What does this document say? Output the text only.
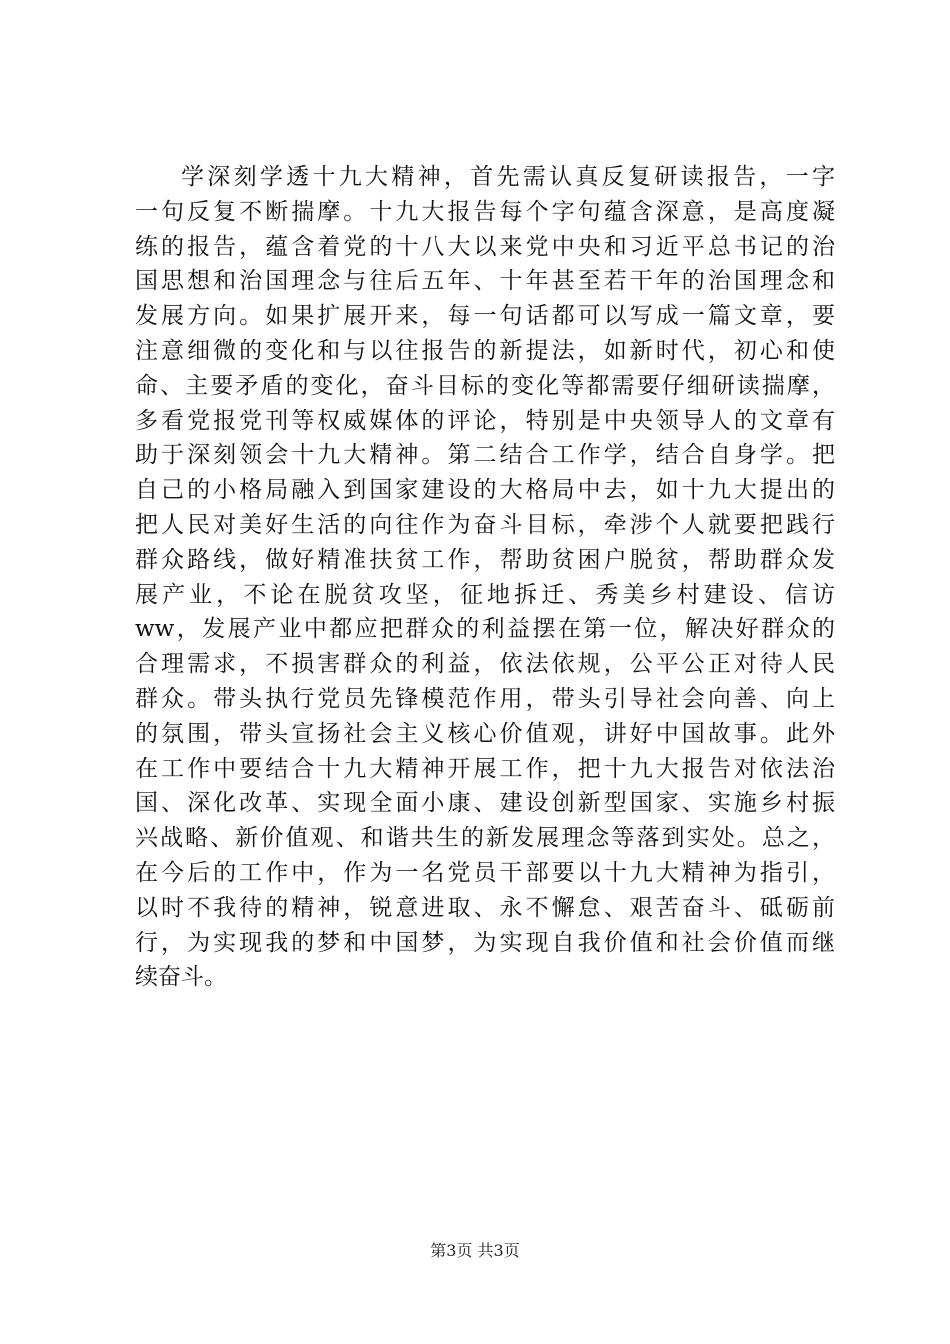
学深刻学透十九大精神，首先需认真反复研读报告，一字
一句反复不断揣摩。十九大报告每个字句蕴含深意，是高度凝
练的报告，蕴含着党的十八大以来党中央和习近平总书记的治
国思想和治国理念与往后五年、十年甚至若干年的治国理念和
发展方向。如果扩展开来，每一句话都可以写成一篇文章，要
注意细微的变化和与以往报告的新提法，如新时代，初心和使
命、主要矛盾的变化，奋斗目标的变化等都需要仔细研读揣摩，
多看党报党刊等权威媒体的评论，特别是中央领导人的文章有
助于深刻领会十九大精神。第二结合工作学，结合自身学。把
自己的小格局融入到国家建设的大格局中去，如十九大提出的
把人民对美好生活的向往作为奋斗目标，牵涉个人就要把践行
群众路线，做好精准扶贫工作，帮助贫困户脱贫，帮助群众发
展产业，不论在脱贫攻坚，征地拆迁、秀美乡村建设、信访
ww，发展产业中都应把群众的利益摆在第一位，解决好群众的
合理需求，不损害群众的利益，依法依规，公平公正对待人民
群众。带头执行党员先锋模范作用，带头引导社会向善、向上
的氛围，带头宣扬社会主义核心价值观，讲好中国故事。此外
在工作中要结合十九大精神开展工作，把十九大报告对依法治
国、深化改革、实现全面小康、建设创新型国家、实施乡村振
兴战略、新价值观、和谐共生的新发展理念等落到实处。总之，
在今后的工作中，作为一名党员干部要以十九大精神为指引，
以时不我待的精神，锐意进取、永不懈怠、艰苦奋斗、砥砺前
行，为实现我的梦和中国梦，为实现自我价值和社会价值而继
续奋斗。
第3页 共3页
